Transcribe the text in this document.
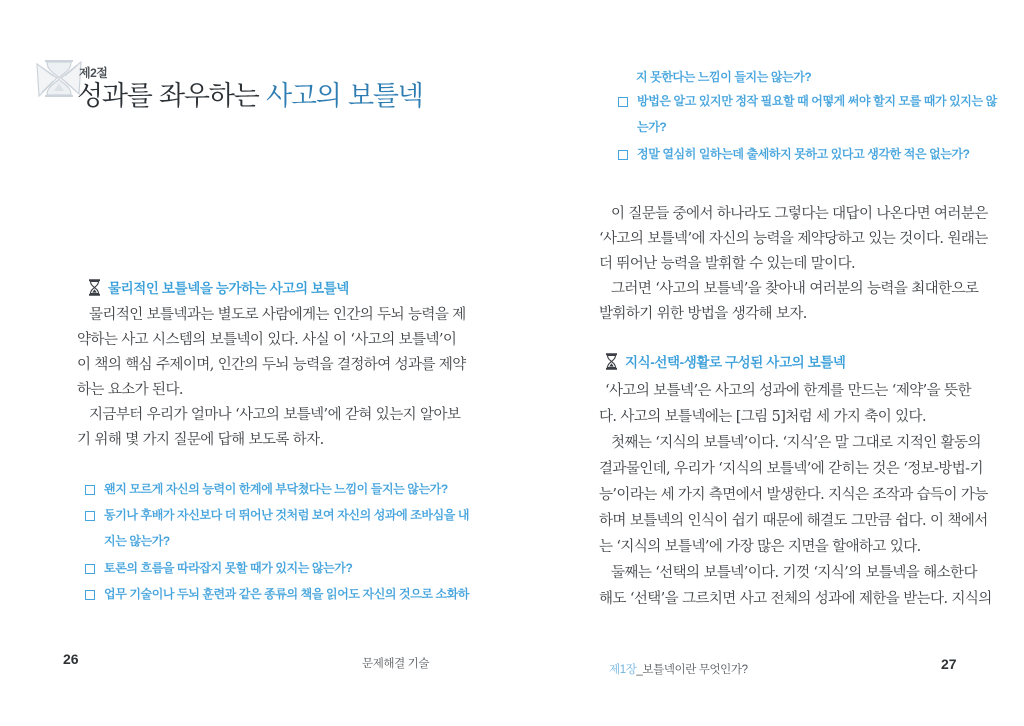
제2절
성과를 좌우하는 사고의 보틀넥
물리적인 보틀넥을 능가하는 사고의 보틀넥
물리적인 보틀넥과는 별도로 사람에게는 인간의 두뇌 능력을 제
약하는 사고 시스템의 보틀넥이 있다. 사실 이 ‘사고의 보틀넥’이
이 책의 핵심 주제이며, 인간의 두뇌 능력을 결정하여 성과를 제약
하는 요소가 된다.
지금부터 우리가 얼마나 ‘사고의 보틀넥’에 갇혀 있는지 알아보
기 위해 몇 가지 질문에 답해 보도록 하자.
왠지 모르게 자신의 능력이 한계에 부닥쳤다는 느낌이 들지는 않는가?
동기나 후배가 자신보다 더 뛰어난 것처럼 보여 자신의 성과에 조바심을 내
지는 않는가?
토론의 흐름을 따라잡지 못할 때가 있지는 않는가?
업무 기술이나 두뇌 훈련과 같은 종류의 책을 읽어도 자신의 것으로 소화하
26	문제해결 기술
지 못한다는 느낌이 들지는 않는가?
방법은 알고 있지만 정작 필요할 때 어떻게 써야 할지 모를 때가 있지는 않
는가?
정말 열심히 일하는데 출세하지 못하고 있다고 생각한 적은 없는가?
이 질문들 중에서 하나라도 그렇다는 대답이 나온다면 여러분은
‘사고의 보틀넥’에 자신의 능력을 제약당하고 있는 것이다. 원래는
더 뛰어난 능력을 발휘할 수 있는데 말이다.
그러면 ‘사고의 보틀넥’을 찾아내 여러분의 능력을 최대한으로
발휘하기 위한 방법을 생각해 보자.
지식-선택-생활로 구성된 사고의 보틀넥
‘사고의 보틀넥’은 사고의 성과에 한계를 만드는 ‘제약’을 뜻한
다. 사고의 보틀넥에는 [그림 5]처럼 세 가지 축이 있다.
첫째는 ‘지식의 보틀넥’이다. ‘지식’은 말 그대로 지적인 활동의
결과물인데, 우리가 ‘지식의 보틀넥’에 갇히는 것은 ‘정보-방법-기
능’이라는 세 가지 측면에서 발생한다. 지식은 조작과 습득이 가능
하며 보틀넥의 인식이 쉽기 때문에 해결도 그만큼 쉽다. 이 책에서
는 ‘지식의 보틀넥’에 가장 많은 지면을 할애하고 있다.
둘째는 ‘선택의 보틀넥’이다. 기껏 ‘지식’의 보틀넥을 해소한다
해도 ‘선택’을 그르치면 사고 전체의 성과에 제한을 받는다. 지식의
제1장_보틀넥이란 무엇인가?	27
